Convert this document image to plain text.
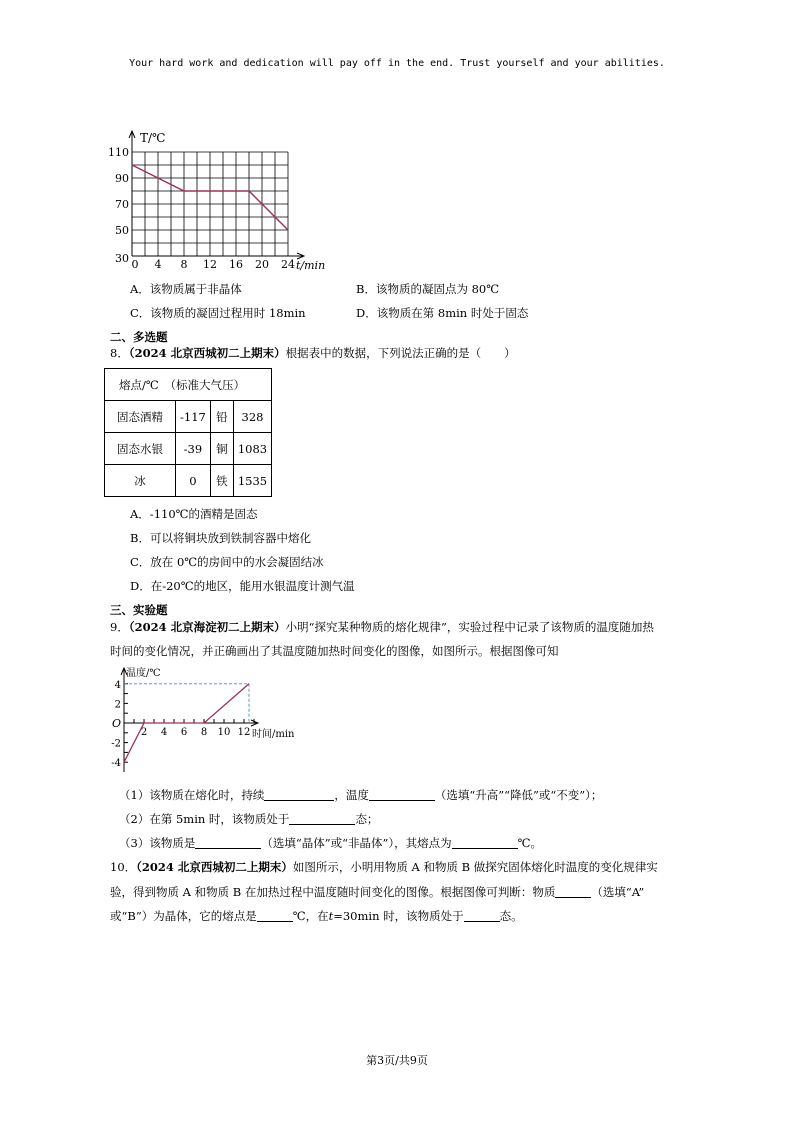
Your hard work and dedication will pay off in the end. Trust yourself and your abilities.
0 4 8 12 16 20 24
30
50
70
90
110
T/℃
t/min
A．该物质属于非晶体	B．该物质的凝固点为 80℃
C．该物质的凝固过程用时 18min	D．该物质在第 8min 时处于固态
二、多选题
8．（2024 北京西城初二上期末）根据表中的数据，下列说法正确的是（　　）
熔点/℃　（标准大气压）			
固态酒精	-117	铅	328
固态水银	-39	铜	1083
冰	0	铁	1535
A．-110℃的酒精是固态
B．可以将铜块放到铁制容器中熔化
C．放在 0℃的房间中的水会凝固结冰
D．在-20℃的地区，能用水银温度计测气温
三、实验题
9．（2024 北京海淀初二上期末）小明“探究某种物质的熔化规律”，实验过程中记录了该物质的温度随加热
时间的变化情况，并正确画出了其温度随加热时间变化的图像，如图所示。根据图像可知
2 4 6 8 10 12
4
2
-2
-4
温度/℃
时间/min
O
（1）该物质在熔化时，持续	，温度	（选填“升高”“降低”或“不变”）；
（2）在第 5min 时，该物质处于	态；
（3）该物质是	（选填“晶体”或“非晶体”），其熔点为	℃。
10．（2024 北京西城初二上期末）如图所示，小明用物质 A 和物质 B 做探究固体熔化时温度的变化规律实
验，得到物质 A 和物质 B 在加热过程中温度随时间变化的图像。根据图像可判断：物质	（选填“A”
或“B”）为晶体，它的熔点是	℃，在t=30min 时，该物质处于	态。
第3页/共9页
